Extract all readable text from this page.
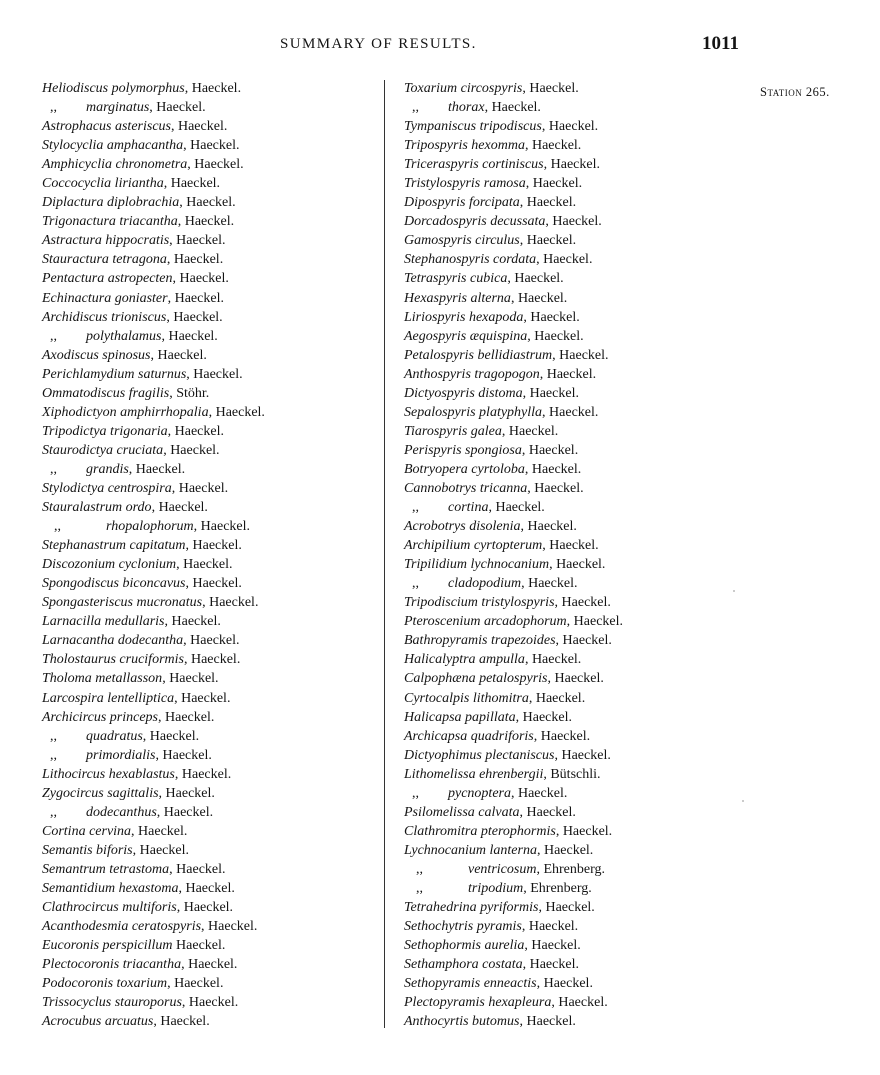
SUMMARY OF RESULTS.	1011
Station 265.
Heliodiscus polymorphus, Haeckel.
,, marginatus, Haeckel.
Astrophacus asteriscus, Haeckel.
Stylocyclia amphacantha, Haeckel.
Amphicyclia chronometra, Haeckel.
Coccocyclia liriantha, Haeckel.
Diplactura diplobrachia, Haeckel.
Trigonactura triacantha, Haeckel.
Astractura hippocratis, Haeckel.
Stauractura tetragona, Haeckel.
Pentactura astropecten, Haeckel.
Echinactura goniaster, Haeckel.
Archidiscus trioniscus, Haeckel.
,, polythalamus, Haeckel.
Axodiscus spinosus, Haeckel.
Perichlamydium saturnus, Haeckel.
Ommatodiscus fragilis, Stöhr.
Xiphodictyon amphirrhopalia, Haeckel.
Tripodictya trigonaria, Haeckel.
Staurodictya cruciata, Haeckel.
,, grandis, Haeckel.
Stylodictya centrospira, Haeckel.
Stauralastrum ordo, Haeckel.
,,	rhopalophorum, Haeckel.
Stephanastrum capitatum, Haeckel.
Discozonium cyclonium, Haeckel.
Spongodiscus biconcavus, Haeckel.
Spongasteriscus mucronatus, Haeckel.
Larnacilla medullaris, Haeckel.
Larnacantha dodecantha, Haeckel.
Tholostaurus cruciformis, Haeckel.
Tholoma metallasson, Haeckel.
Larcospira lentelliptica, Haeckel.
Archicircus princeps, Haeckel.
,, quadratus, Haeckel.
,, primordialis, Haeckel.
Lithocircus hexablastus, Haeckel.
Zygocircus sagittalis, Haeckel.
,, dodecanthus, Haeckel.
Cortina cervina, Haeckel.
Semantis biforis, Haeckel.
Semantrum tetrastoma, Haeckel.
Semantidium hexastoma, Haeckel.
Clathrocircus multiforis, Haeckel.
Acanthodesmia ceratospyris, Haeckel.
Eucoronis perspicillum Haeckel.
Plectocoronis triacantha, Haeckel.
Podocoronis toxarium, Haeckel.
Trissocyclus stauroporus, Haeckel.
Acrocubus arcuatus, Haeckel.
Toxarium circospyris, Haeckel.
,, thorax, Haeckel.
Tympaniscus tripodiscus, Haeckel.
Tripospyris hexomma, Haeckel.
Triceraspyris cortiniscus, Haeckel.
Tristylospyris ramosa, Haeckel.
Dipospyris forcipata, Haeckel.
Dorcadospyris decussata, Haeckel.
Gamospyris circulus, Haeckel.
Stephanospyris cordata, Haeckel.
Tetraspyris cubica, Haeckel.
Hexaspyris alterna, Haeckel.
Liriospyris hexapoda, Haeckel.
Aegospyris æquispina, Haeckel.
Petalospyris bellidiastrum, Haeckel.
Anthospyris tragopogon, Haeckel.
Dictyospyris distoma, Haeckel.
Sepalospyris platyphylla, Haeckel.
Tiarospyris galea, Haeckel.
Perispyris spongiosa, Haeckel.
Botryopera cyrtoloba, Haeckel.
Cannobotrys tricanna, Haeckel.
,, cortina, Haeckel.
Acrobotrys disolenia, Haeckel.
Archipilium cyrtopterum, Haeckel.
Tripilidium lychnocanium, Haeckel.
,, cladopodium, Haeckel.
Tripodiscium tristylospyris, Haeckel.
Pteroscenium arcadophorum, Haeckel.
Bathropyramis trapezoides, Haeckel.
Halicalyptra ampulla, Haeckel.
Calpophæna petalospyris, Haeckel.
Cyrtocalpis lithomitra, Haeckel.
Halicapsa papillata, Haeckel.
Archicapsa quadriforis, Haeckel.
Dictyophimus plectaniscus, Haeckel.
Lithomelissa ehrenbergii, Bütschli.
,, pycnoptera, Haeckel.
Psilomelissa calvata, Haeckel.
Clathromitra pterophormis, Haeckel.
Lychnocanium lanterna, Haeckel.
,,	ventricosum, Ehrenberg.
,,	tripodium, Ehrenberg.
Tetrahedrina pyriformis, Haeckel.
Sethochytris pyramis, Haeckel.
Sethophormis aurelia, Haeckel.
Sethamphora costata, Haeckel.
Sethopyramis enneactis, Haeckel.
Plectopyramis hexapleura, Haeckel.
Anthocyrtis butomus, Haeckel.
